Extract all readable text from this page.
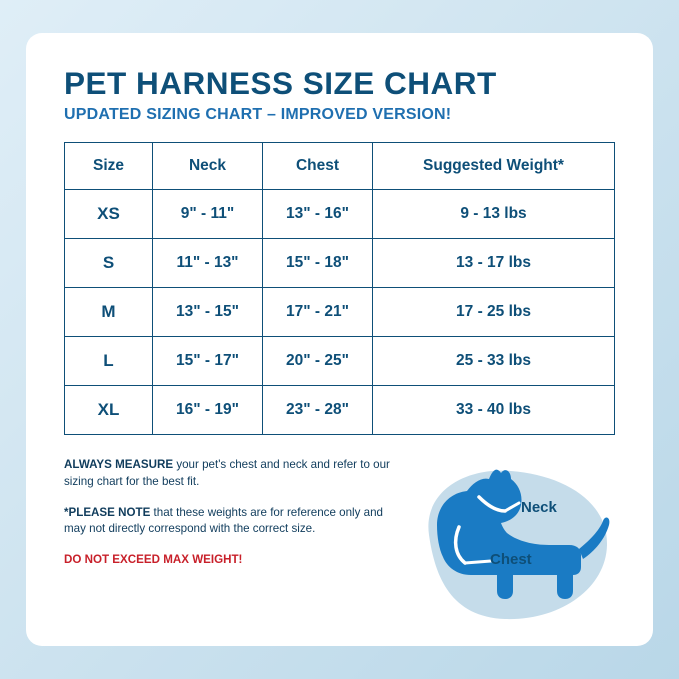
PET HARNESS SIZE CHART
UPDATED SIZING CHART – IMPROVED VERSION!
Size	Neck	Chest	Suggested Weight*
XS	9" - 11"	13" - 16"	9 - 13 lbs
S	11" - 13"	15" - 18"	13 - 17 lbs
M	13" - 15"	17" - 21"	17 - 25 lbs
L	15" - 17"	20" - 25"	25 - 33 lbs
XL	16" - 19"	23" - 28"	33 - 40 lbs

ALWAYS MEASURE your pet's chest and neck and refer to our sizing chart for the best fit.

*PLEASE NOTE that these weights are for reference only and may not directly correspond with the correct size.

DO NOT EXCEED MAX WEIGHT!

Neck
Chest
